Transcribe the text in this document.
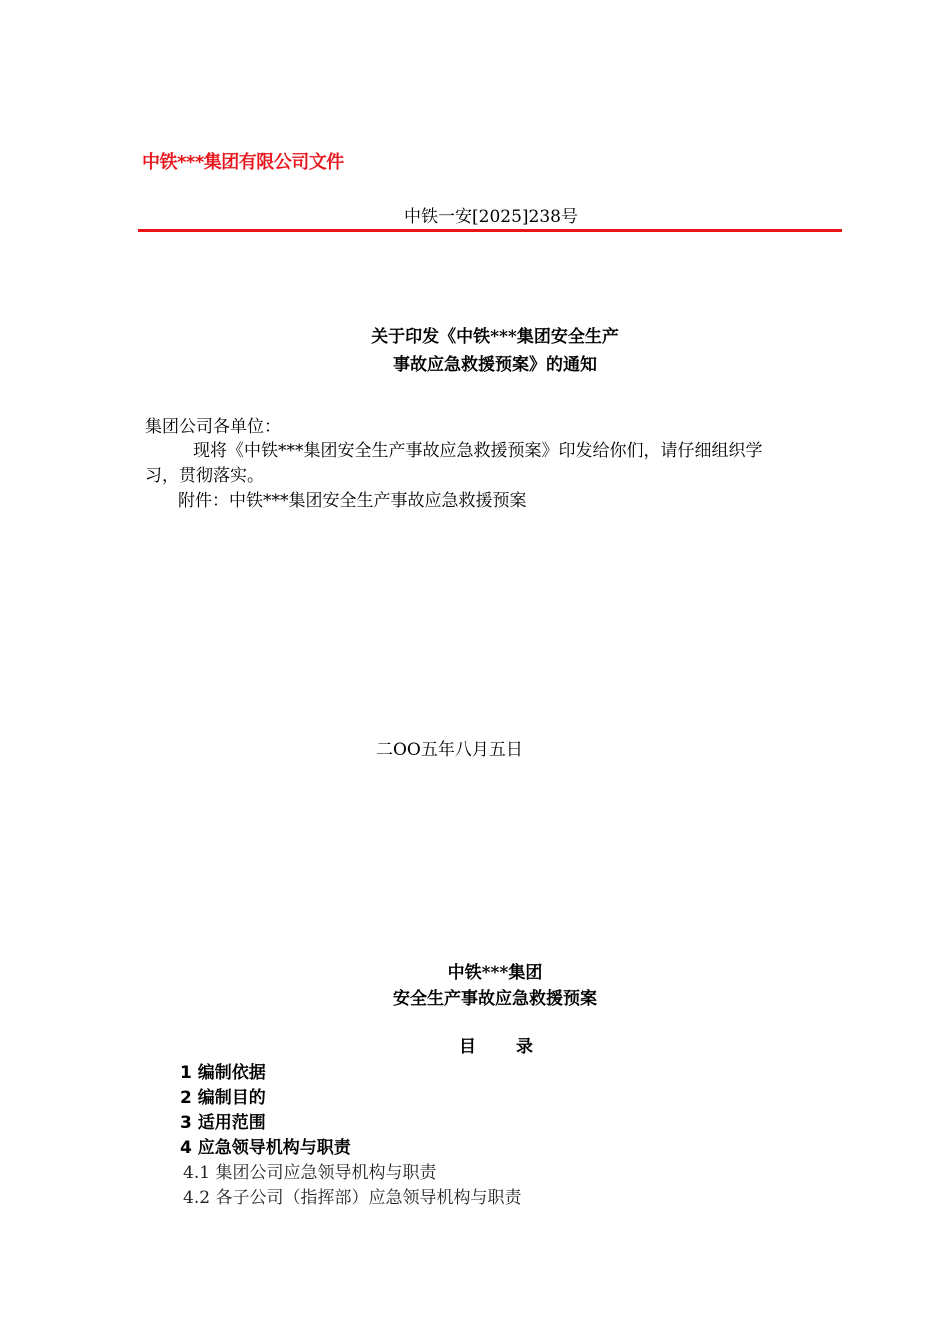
中铁***集团有限公司文件
中铁一安[2025]238号
关于印发《中铁***集团安全生产
事故应急救援预案》的通知
集团公司各单位：
现将《中铁***集团安全生产事故应急救援预案》印发给你们，请仔细组织学
习，贯彻落实。
附件：中铁***集团安全生产事故应急救援预案
二OO五年八月五日
中铁***集团
安全生产事故应急救援预案
目录
1 编制依据
2 编制目的
3 适用范围
4 应急领导机构与职责
4.1 集团公司应急领导机构与职责
4.2 各子公司（指挥部）应急领导机构与职责
